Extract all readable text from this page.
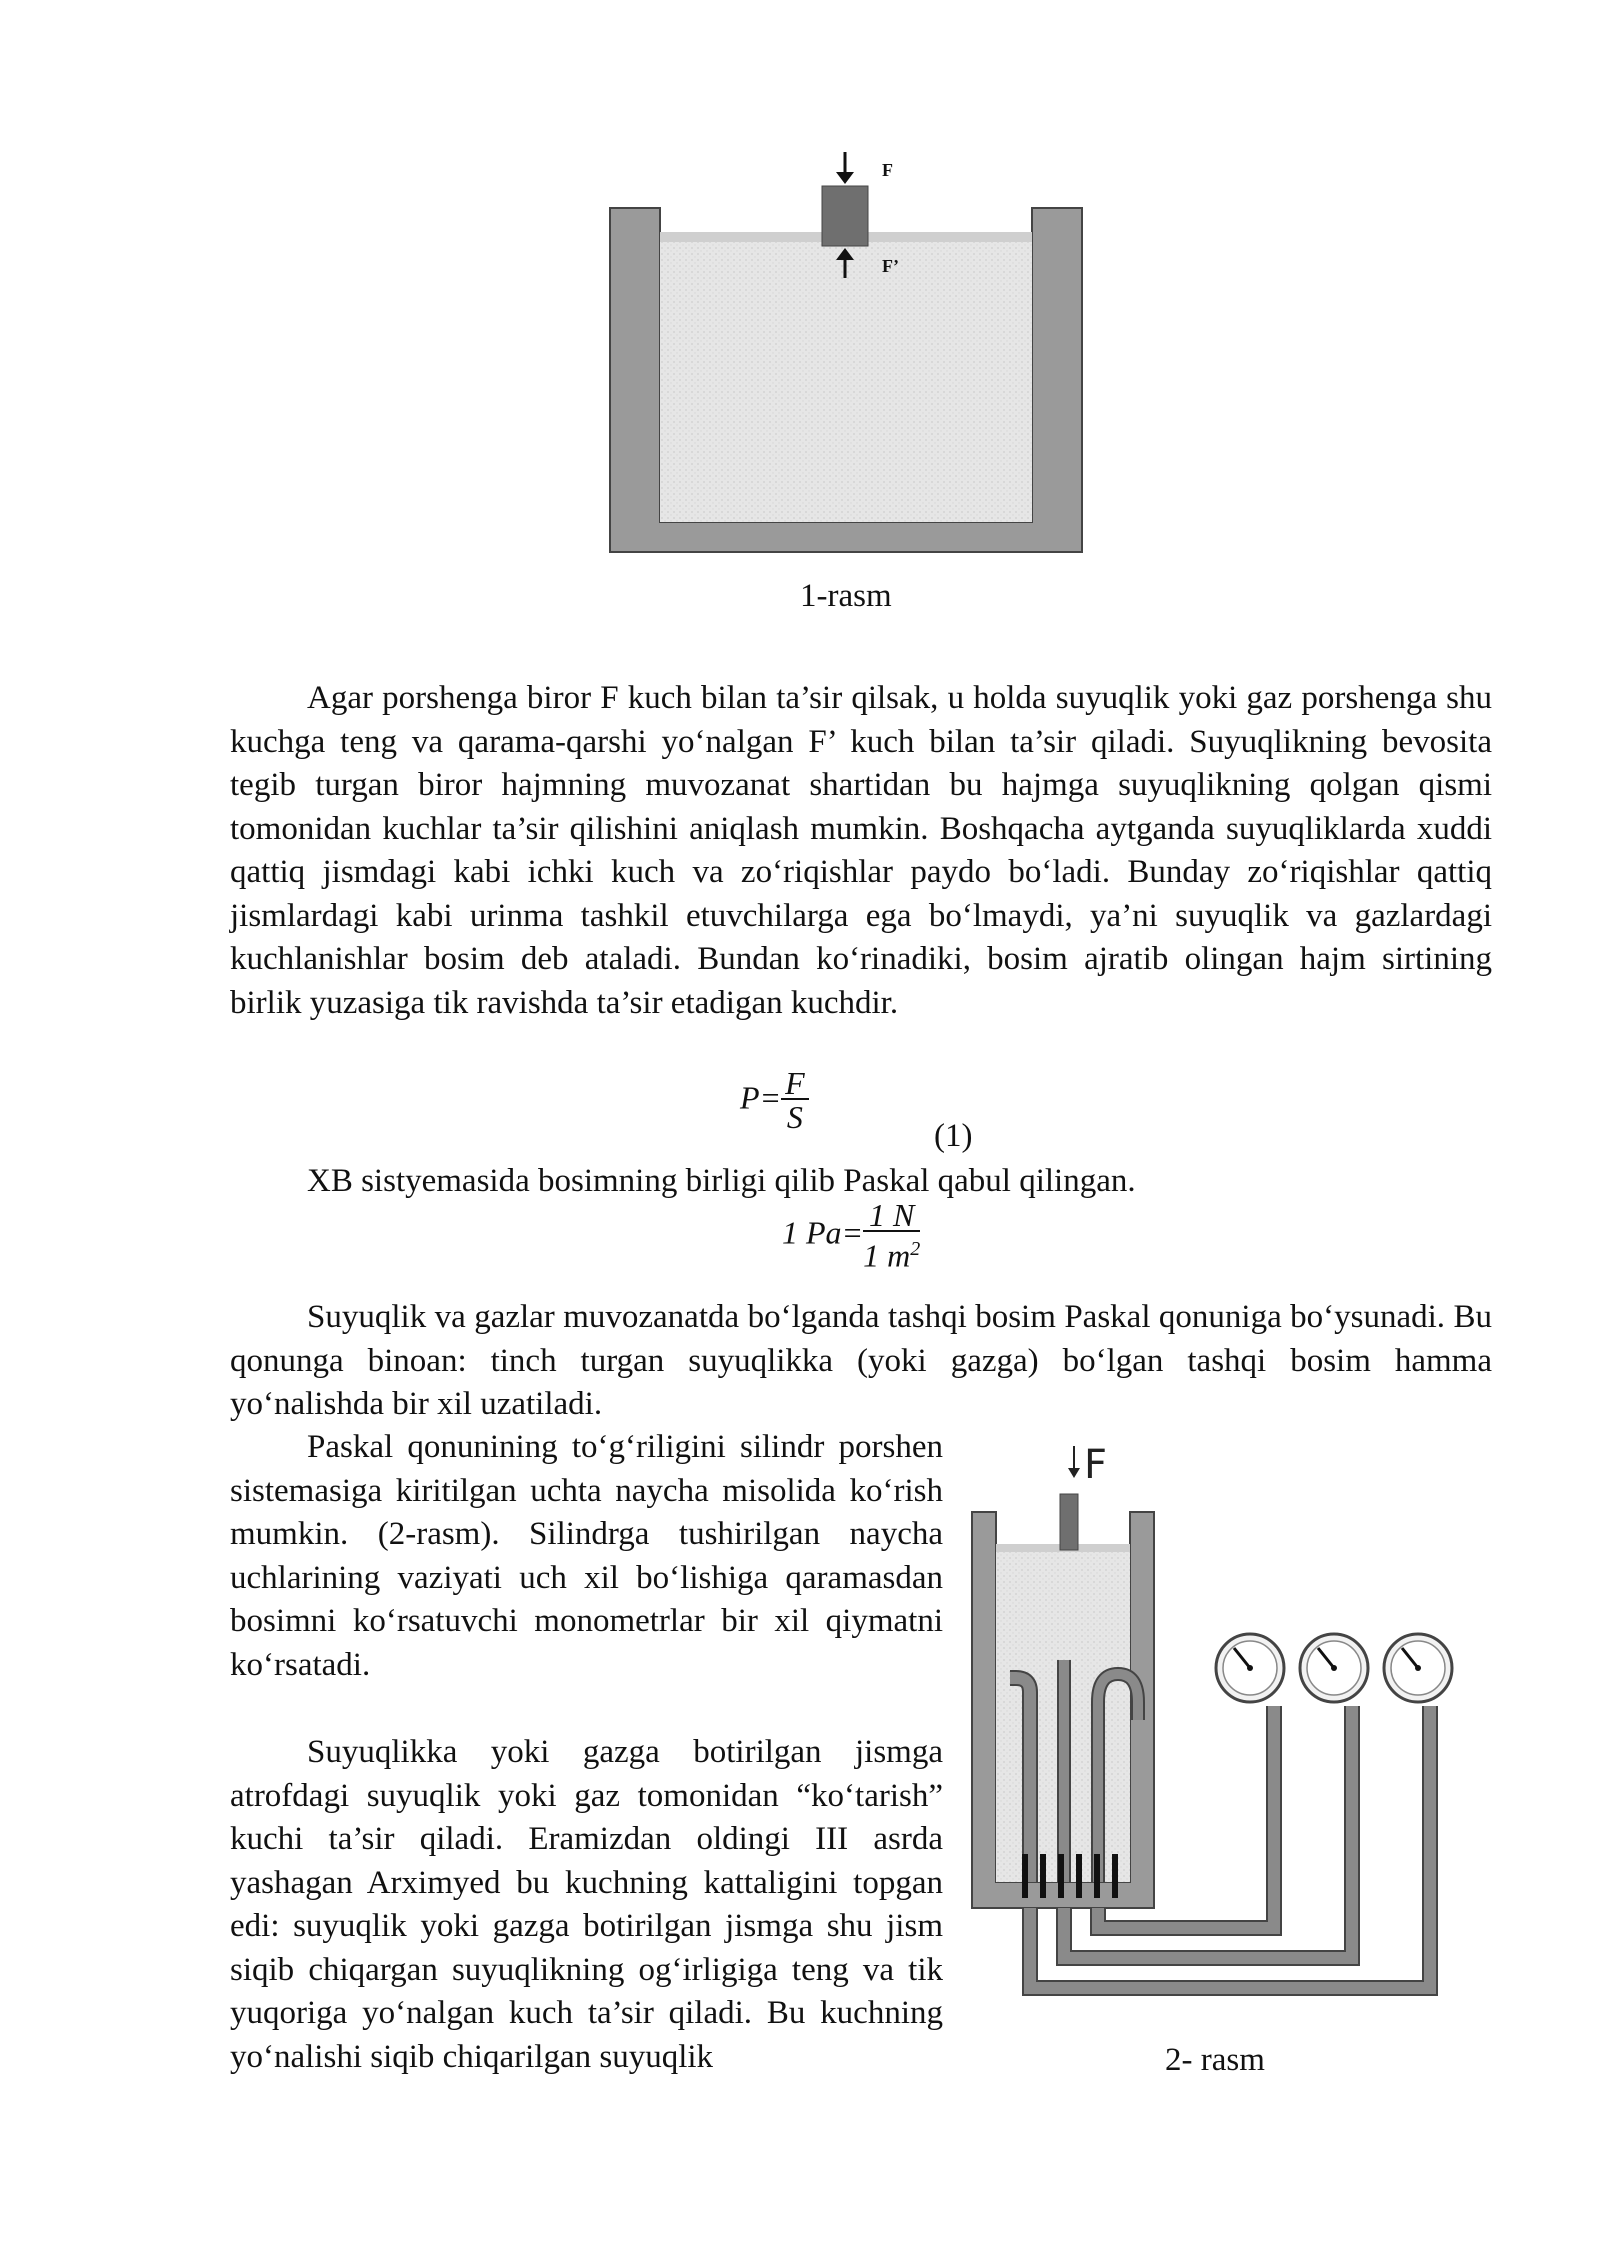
F
F’
1-rasm

Agar porshenga biror F kuch bilan ta’sir qilsak, u holda suyuqlik yoki gaz porshenga shu kuchga teng va qarama-qarshi yo‘nalgan F’ kuch bilan ta’sir qiladi. Suyuqlikning bevosita tegib turgan biror hajmning muvozanat shartidan bu hajmga suyuqlikning qolgan qismi tomonidan kuchlar ta’sir qilishini aniqlash mumkin. Boshqacha aytganda suyuqliklarda xuddi qattiq jismdagi kabi ichki kuch va zo‘riqishlar paydo bo‘ladi. Bunday zo‘riqishlar qattiq jismlardagi kabi urinma tashkil etuvchilarga ega bo‘lmaydi, ya’ni suyuqlik va gazlardagi kuchlanishlar bosim deb ataladi. Bundan ko‘rinadiki, bosim ajratib olingan hajm sirtining birlik yuzasiga tik ravishda ta’sir etadigan kuchdir.

$P= \frac{F}{S}$
(1)

XB sistyemasida bosimning birligi qilib Paskal qabul qilingan.

1 $Pa= \frac{1 N}{1 m^2}$

Suyuqlik va gazlar muvozanatda bo‘lganda tashqi bosim Paskal qonuniga bo‘ysunadi. Bu qonunga binoan: tinch turgan suyuqlikka (yoki gazga) bo‘lgan tashqi bosim hamma yo‘nalishda bir xil uzatiladi.

Paskal qonunining to‘g‘riligini silindr porshen sistemasiga kiritilgan uchta naycha misolida ko‘rish mumkin. (2-rasm). Silindrga tushirilgan naycha uchlarining vaziyati uch xil bo‘lishiga qaramasdan bosimni ko‘rsatuvchi monometrlar bir xil qiymatni ko‘rsatadi.

Suyuqlikka yoki gazga botirilgan jismga atrofdagi suyuqlik yoki gaz tomonidan “ko‘tarish” kuchi ta’sir qiladi. Eramizdan oldingi III asrda yashagan Arximyed bu kuchning kattaligini topgan edi: suyuqlik yoki gazga botirilgan jismga shu jism siqib chiqargan suyuqlikning og‘irligiga teng va tik yuqoriga yo‘nalgan kuch ta’sir qiladi. Bu kuchning yo‘nalishi siqib chiqarilgan suyuqlik

F
2- rasm
